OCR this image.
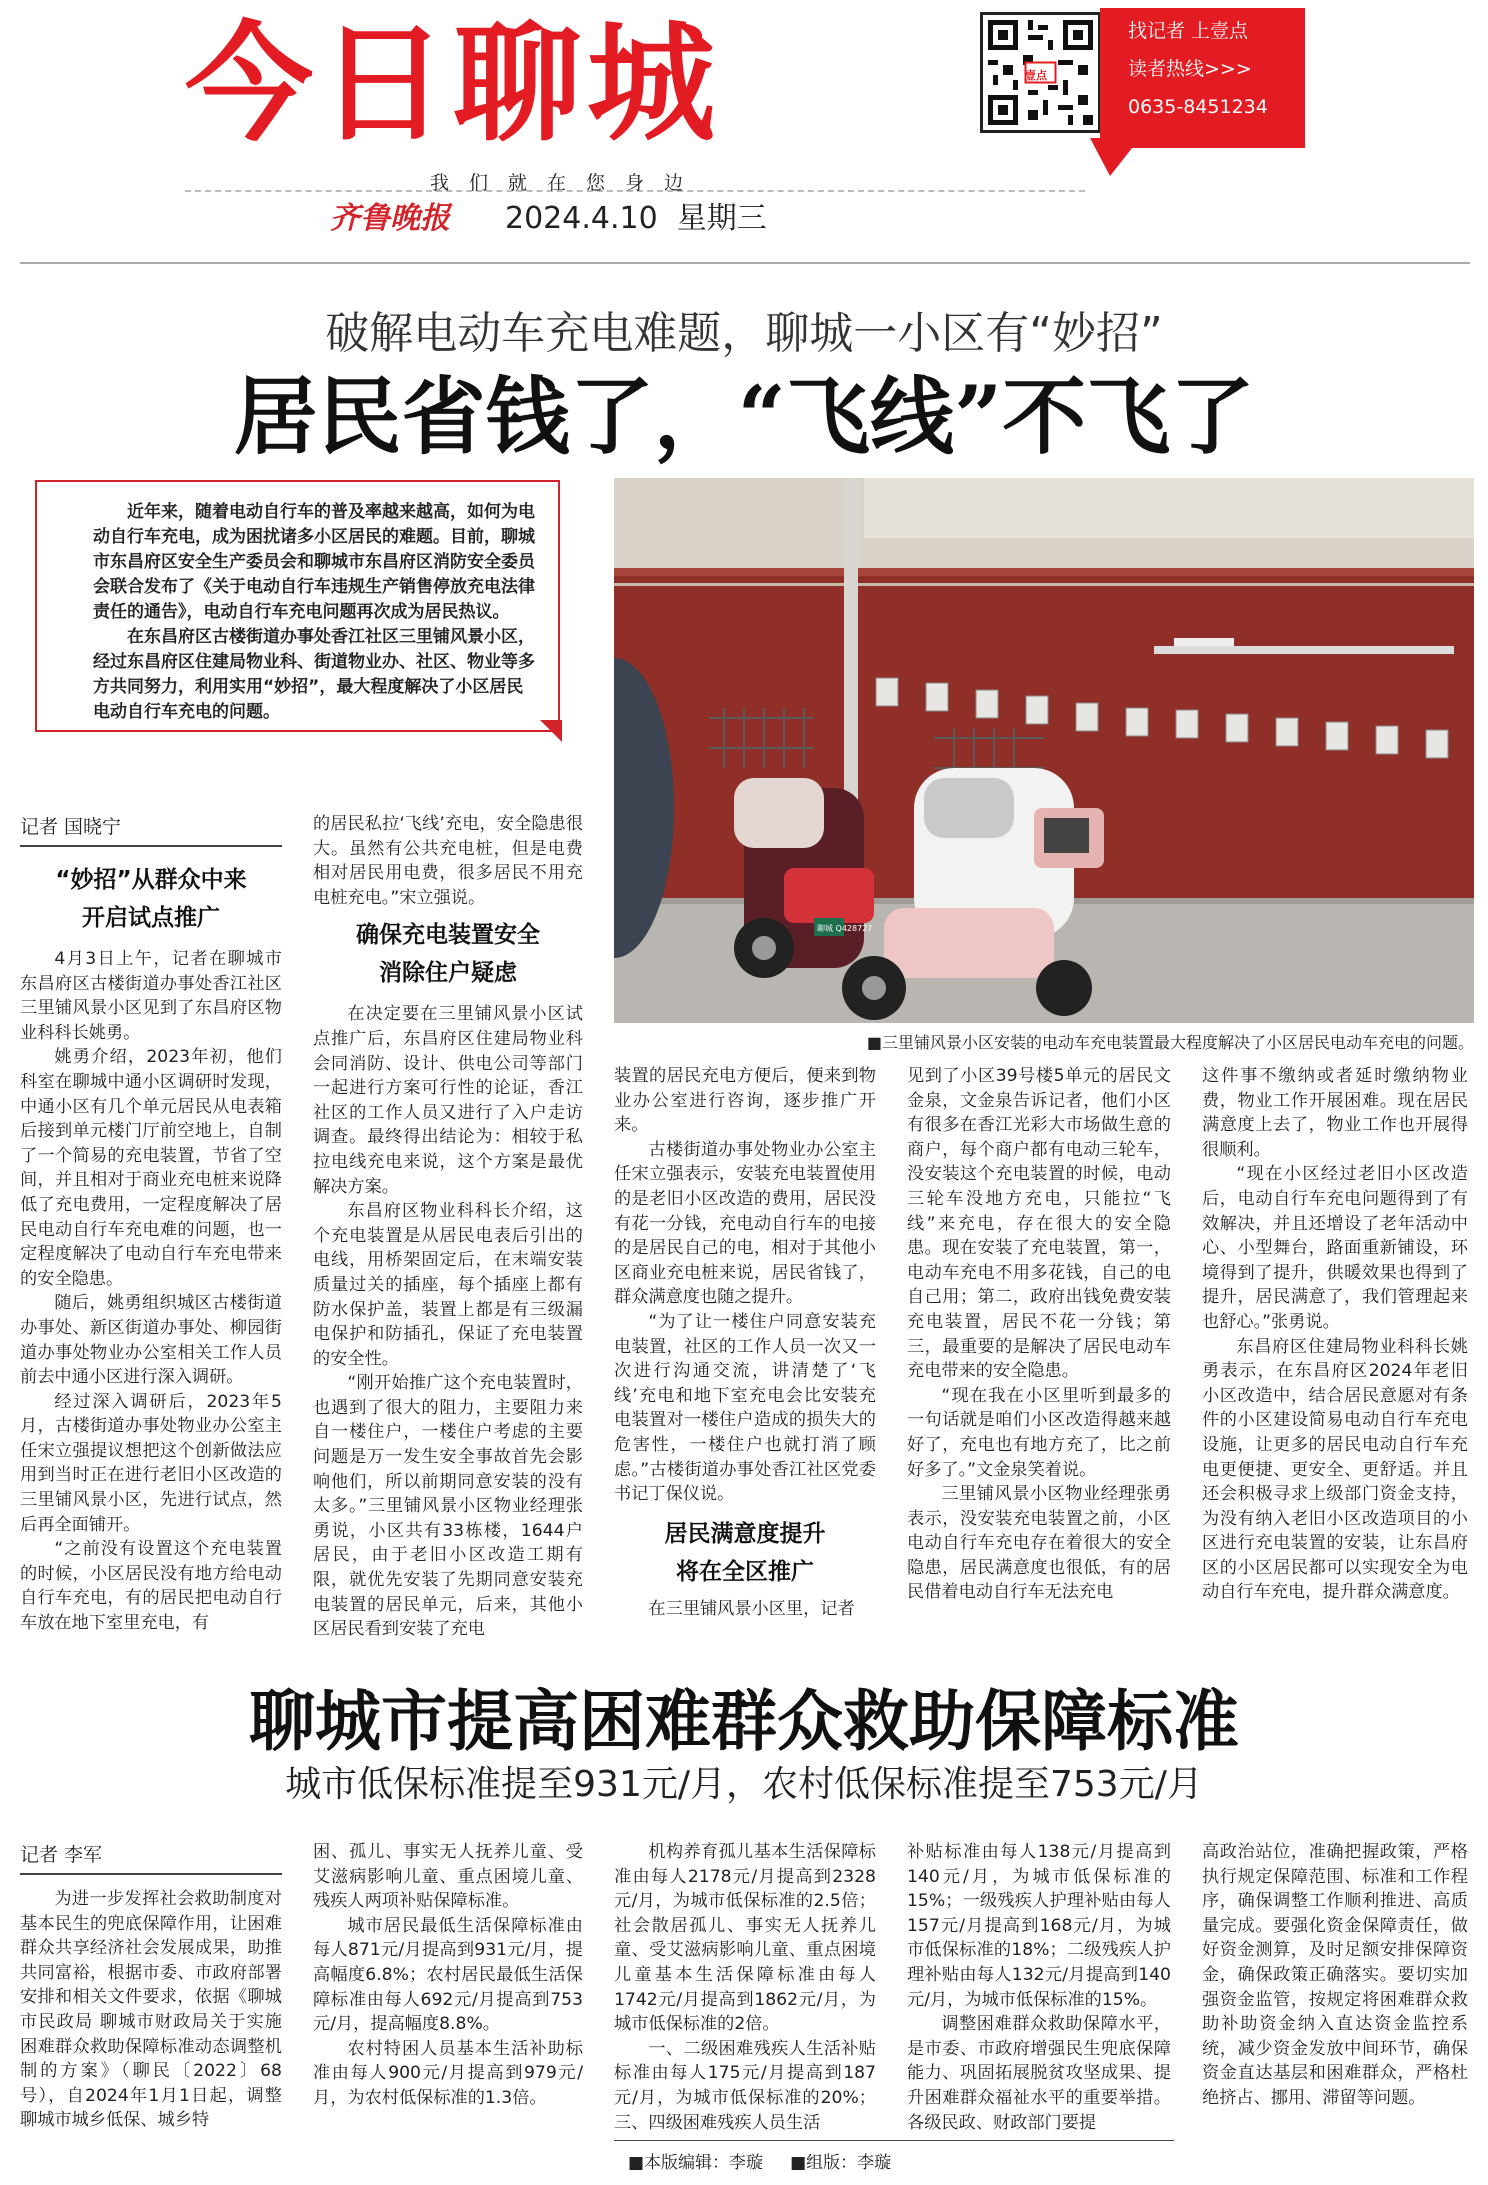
今日聊城	壹点
找记者 上壹点
读者热线>>>
0635-8451234
我们就在您身边
齐鲁晚报 2024.4.10 星期三
破解电动车充电难题，聊城一小区有“妙招”
居民省钱了，“飞线”不飞了

近年来，随着电动自行车的普及率越来越高，如何为电动自行车充电，成为困扰诸多小区居民的难题。目前，聊城市东昌府区安全生产委员会和聊城市东昌府区消防安全委员会联合发布了《关于电动自行车违规生产销售停放充电法律责任的通告》，电动自行车充电问题再次成为居民热议。

在东昌府区古楼街道办事处香江社区三里铺风景小区，经过东昌府区住建局物业科、街道物业办、社区、物业等多方共同努力，利用实用“妙招”，最大程度解决了小区居民电动自行车充电的问题。

聊城 Q428727
■三里铺风景小区安装的电动车充电装置最大程度解决了小区居民电动车充电的问题。
记者 国晓宁
“妙招”从群众中来
开启试点推广

4月3日上午，记者在聊城市东昌府区古楼街道办事处香江社区三里铺风景小区见到了东昌府区物业科科长姚勇。

姚勇介绍，2023年初，他们科室在聊城中通小区调研时发现，中通小区有几个单元居民从电表箱后接到单元楼门厅前空地上，自制了一个简易的充电装置，节省了空间，并且相对于商业充电桩来说降低了充电费用，一定程度解决了居民电动自行车充电难的问题，也一定程度解决了电动自行车充电带来的安全隐患。

随后，姚勇组织城区古楼街道办事处、新区街道办事处、柳园街道办事处物业办公室相关工作人员前去中通小区进行深入调研。

经过深入调研后，2023年5月，古楼街道办事处物业办公室主任宋立强提议想把这个创新做法应用到当时正在进行老旧小区改造的三里铺风景小区，先进行试点，然后再全面铺开。

“之前没有设置这个充电装置的时候，小区居民没有地方给电动自行车充电，有的居民把电动自行车放在地下室里充电，有

的居民私拉‘飞线’充电，安全隐患很大。虽然有公共充电桩，但是电费相对居民用电费，很多居民不用充电桩充电。”宋立强说。

确保充电装置安全
消除住户疑虑

在决定要在三里铺风景小区试点推广后，东昌府区住建局物业科会同消防、设计、供电公司等部门一起进行方案可行性的论证，香江社区的工作人员又进行了入户走访调查。最终得出结论为：相较于私拉电线充电来说，这个方案是最优解决方案。

东昌府区物业科科长介绍，这个充电装置是从居民电表后引出的电线，用桥架固定后，在末端安装质量过关的插座，每个插座上都有防水保护盖，装置上都是有三级漏电保护和防插孔，保证了充电装置的安全性。

“刚开始推广这个充电装置时，也遇到了很大的阻力，主要阻力来自一楼住户，一楼住户考虑的主要问题是万一发生安全事故首先会影响他们，所以前期同意安装的没有太多。”三里铺风景小区物业经理张勇说，小区共有33栋楼，1644户居民，由于老旧小区改造工期有限，就优先安装了先期同意安装充电装置的居民单元，后来，其他小区居民看到安装了充电

装置的居民充电方便后，便来到物业办公室进行咨询，逐步推广开来。

古楼街道办事处物业办公室主任宋立强表示，安装充电装置使用的是老旧小区改造的费用，居民没有花一分钱，充电动自行车的电接的是居民自己的电，相对于其他小区商业充电桩来说，居民省钱了，群众满意度也随之提升。

“为了让一楼住户同意安装充电装置，社区的工作人员一次又一次进行沟通交流，讲清楚了‘飞线’充电和地下室充电会比安装充电装置对一楼住户造成的损失大的危害性，一楼住户也就打消了顾虑。”古楼街道办事处香江社区党委书记丁保仪说。

居民满意度提升
将在全区推广

在三里铺风景小区里，记者

见到了小区39号楼5单元的居民文金泉，文金泉告诉记者，他们小区有很多在香江光彩大市场做生意的商户，每个商户都有电动三轮车，没安装这个充电装置的时候，电动三轮车没地方充电，只能拉“飞线”来充电，存在很大的安全隐患。现在安装了充电装置，第一，电动车充电不用多花钱，自己的电自己用；第二，政府出钱免费安装充电装置，居民不花一分钱；第三，最重要的是解决了居民电动车充电带来的安全隐患。

“现在我在小区里听到最多的一句话就是咱们小区改造得越来越好了，充电也有地方充了，比之前好多了。”文金泉笑着说。

三里铺风景小区物业经理张勇表示，没安装充电装置之前，小区电动自行车充电存在着很大的安全隐患，居民满意度也很低，有的居民借着电动自行车无法充电

这件事不缴纳或者延时缴纳物业费，物业工作开展困难。现在居民满意度上去了，物业工作也开展得很顺利。

“现在小区经过老旧小区改造后，电动自行车充电问题得到了有效解决，并且还增设了老年活动中心、小型舞台，路面重新铺设，环境得到了提升，供暖效果也得到了提升，居民满意了，我们管理起来也舒心。”张勇说。

东昌府区住建局物业科科长姚勇表示，在东昌府区2024年老旧小区改造中，结合居民意愿对有条件的小区建设简易电动自行车充电设施，让更多的居民电动自行车充电更便捷、更安全、更舒适。并且还会积极寻求上级部门资金支持，为没有纳入老旧小区改造项目的小区进行充电装置的安装，让东昌府区的小区居民都可以实现安全为电动自行车充电，提升群众满意度。

聊城市提高困难群众救助保障标准
城市低保标准提至931元/月，农村低保标准提至753元/月
记者 李军

为进一步发挥社会救助制度对基本民生的兜底保障作用，让困难群众共享经济社会发展成果，助推共同富裕，根据市委、市政府部署安排和相关文件要求，依据《聊城市民政局 聊城市财政局关于实施困难群众救助保障标准动态调整机制的方案》（聊民〔2022〕68号），自2024年1月1日起，调整聊城市城乡低保、城乡特

困、孤儿、事实无人抚养儿童、受艾滋病影响儿童、重点困境儿童、残疾人两项补贴保障标准。

城市居民最低生活保障标准由每人871元/月提高到931元/月，提高幅度6.8%；农村居民最低生活保障标准由每人692元/月提高到753元/月，提高幅度8.8%。

农村特困人员基本生活补助标准由每人900元/月提高到979元/月，为农村低保标准的1.3倍。

机构养育孤儿基本生活保障标准由每人2178元/月提高到2328元/月，为城市低保标准的2.5倍；社会散居孤儿、事实无人抚养儿童、受艾滋病影响儿童、重点困境儿童基本生活保障标准由每人1742元/月提高到1862元/月，为城市低保标准的2倍。

一、二级困难残疾人生活补贴标准由每人175元/月提高到187元/月，为城市低保标准的20%；三、四级困难残疾人员生活

补贴标准由每人138元/月提高到140元/月，为城市低保标准的15%；一级残疾人护理补贴由每人157元/月提高到168元/月，为城市低保标准的18%；二级残疾人护理补贴由每人132元/月提高到140元/月，为城市低保标准的15%。

调整困难群众救助保障水平，是市委、市政府增强民生兜底保障能力、巩固拓展脱贫攻坚成果、提升困难群众福祉水平的重要举措。各级民政、财政部门要提

高政治站位，准确把握政策，严格执行规定保障范围、标准和工作程序，确保调整工作顺利推进、高质量完成。要强化资金保障责任，做好资金测算，及时足额安排保障资金，确保政策正确落实。要切实加强资金监管，按规定将困难群众救助补助资金纳入直达资金监控系统，减少资金发放中间环节，确保资金直达基层和困难群众，严格杜绝挤占、挪用、滞留等问题。

■本版编辑：李璇 ■组版：李璇
